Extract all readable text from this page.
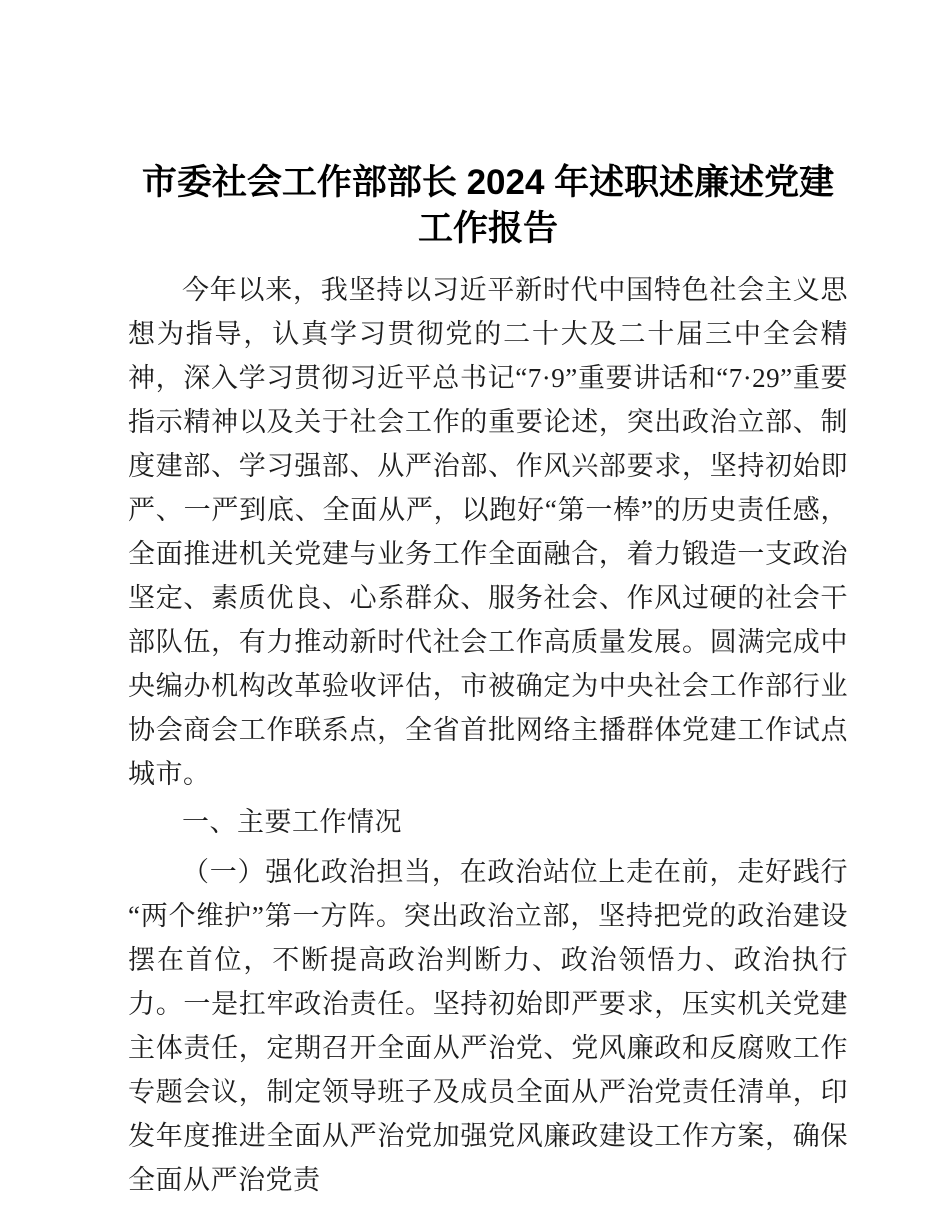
市委社会工作部部长 2024 年述职述廉述党建工作报告

今年以来，我坚持以习近平新时代中国特色社会主义思想为指导，认真学习贯彻党的二十大及二十届三中全会精神，深入学习贯彻习近平总书记“7·9”重要讲话和“7·29”重要指示精神以及关于社会工作的重要论述，突出政治立部、制度建部、学习强部、从严治部、作风兴部要求，坚持初始即严、一严到底、全面从严，以跑好“第一棒”的历史责任感，全面推进机关党建与业务工作全面融合，着力锻造一支政治坚定、素质优良、心系群众、服务社会、作风过硬的社会干部队伍，有力推动新时代社会工作高质量发展。圆满完成中央编办机构改革验收评估，市被确定为中央社会工作部行业协会商会工作联系点，全省首批网络主播群体党建工作试点城市。

一、主要工作情况

（一）强化政治担当，在政治站位上走在前，走好践行“两个维护”第一方阵。突出政治立部，坚持把党的政治建设摆在首位，不断提高政治判断力、政治领悟力、政治执行力。一是扛牢政治责任。坚持初始即严要求，压实机关党建主体责任，定期召开全面从严治党、党风廉政和反腐败工作专题会议，制定领导班子及成员全面从严治党责任清单，印发年度推进全面从严治党加强党风廉政建设工作方案，确保全面从严治党责
